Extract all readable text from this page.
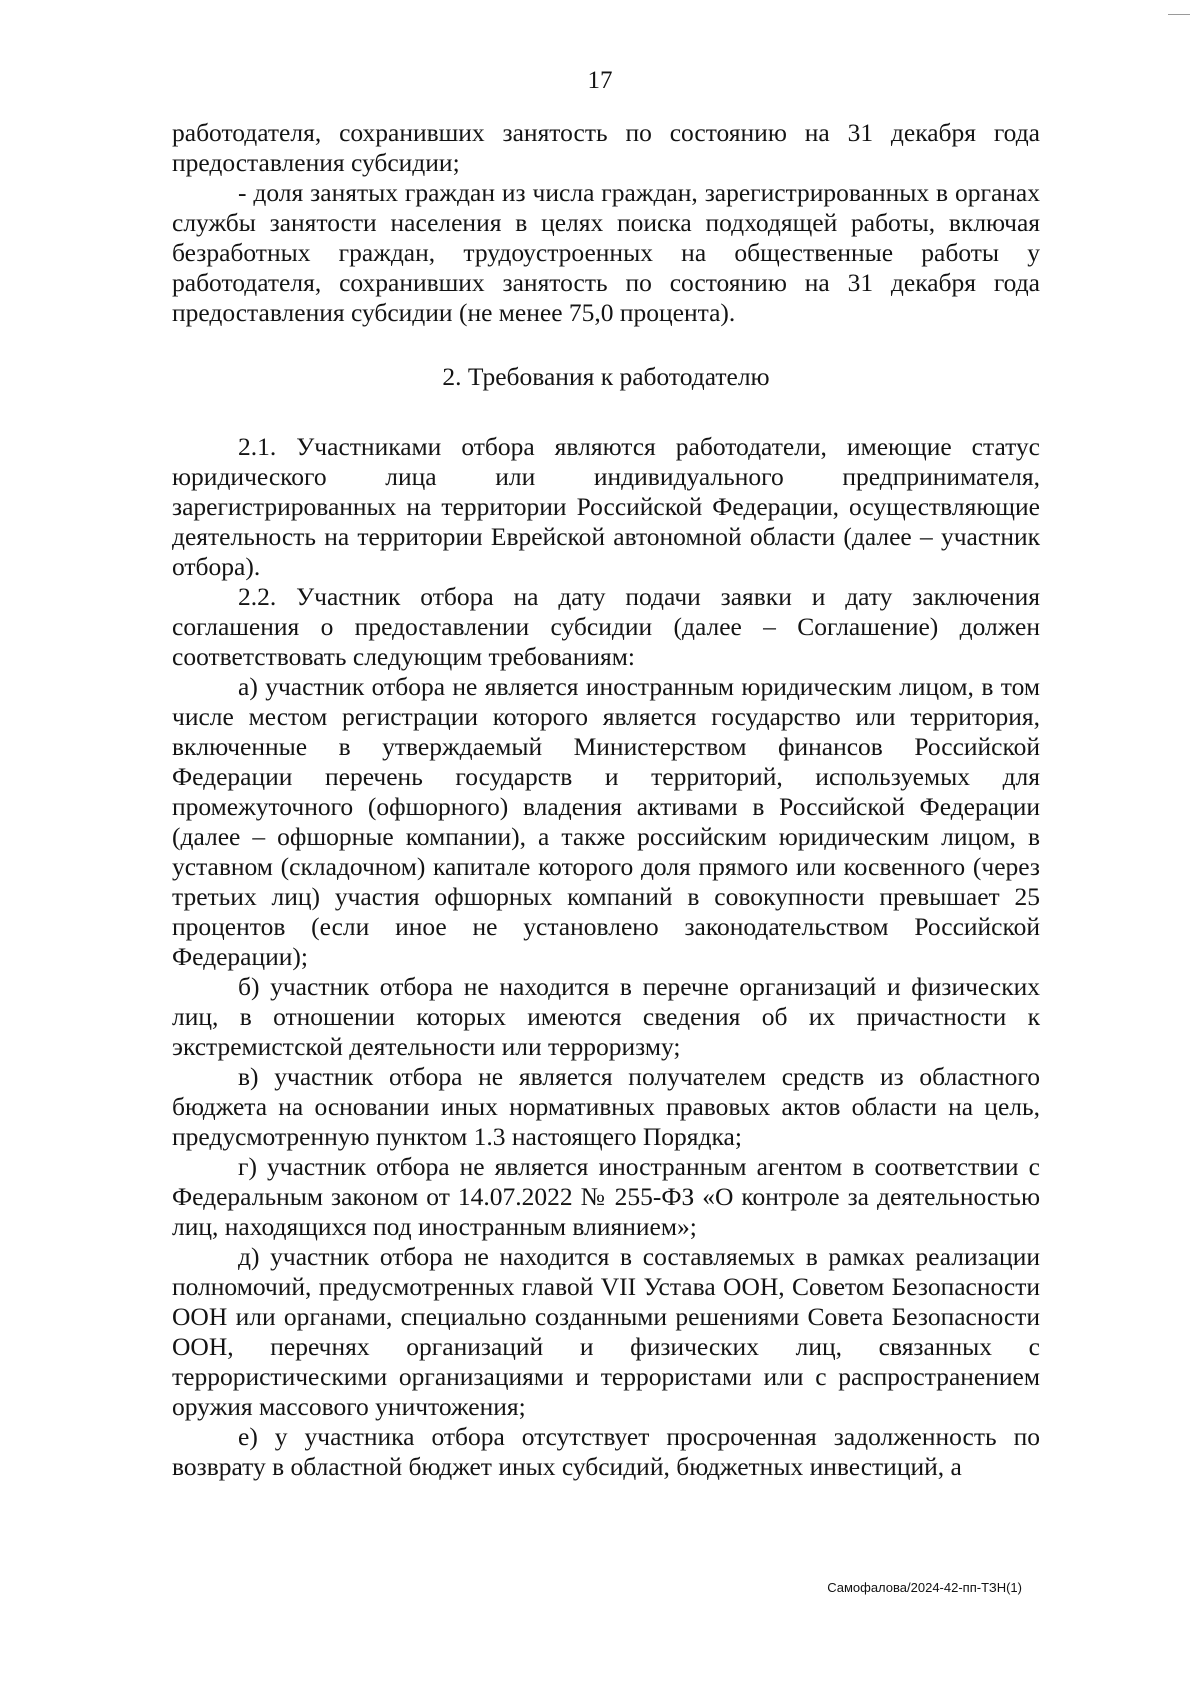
17

работодателя, сохранивших занятость по состоянию на 31 декабря года предоставления субсидии;

- доля занятых граждан из числа граждан, зарегистрированных в органах службы занятости населения в целях поиска подходящей работы, включая безработных граждан, трудоустроенных на общественные работы у работодателя, сохранивших занятость по состоянию на 31 декабря года предоставления субсидии (не менее 75,0 процента).

2. Требования к работодателю

2.1. Участниками отбора являются работодатели, имеющие статус юридического лица или индивидуального предпринимателя, зарегистрированных на территории Российской Федерации, осуществляющие деятельность на территории Еврейской автономной области (далее – участник отбора).

2.2. Участник отбора на дату подачи заявки и дату заключения соглашения о предоставлении субсидии (далее – Соглашение) должен соответствовать следующим требованиям:

а) участник отбора не является иностранным юридическим лицом, в том числе местом регистрации которого является государство или территория, включенные в утверждаемый Министерством финансов Российской Федерации перечень государств и территорий, используемых для промежуточного (офшорного) владения активами в Российской Федерации (далее – офшорные компании), а также российским юридическим лицом, в уставном (складочном) капитале которого доля прямого или косвенного (через третьих лиц) участия офшорных компаний в совокупности превышает 25 процентов (если иное не установлено законодательством Российской Федерации);

б) участник отбора не находится в перечне организаций и физических лиц, в отношении которых имеются сведения об их причастности к экстремистской деятельности или терроризму;

в) участник отбора не является получателем средств из областного бюджета на основании иных нормативных правовых актов области на цель, предусмотренную пунктом 1.3 настоящего Порядка;

г) участник отбора не является иностранным агентом в соответствии с Федеральным законом от 14.07.2022 № 255-ФЗ «О контроле за деятельностью лиц, находящихся под иностранным влиянием»;

д) участник отбора не находится в составляемых в рамках реализации полномочий, предусмотренных главой VII Устава ООН, Советом Безопасности ООН или органами, специально созданными решениями Совета Безопасности ООН, перечнях организаций и физических лиц, связанных с террористическими организациями и террористами или с распространением оружия массового уничтожения;

е) у участника отбора отсутствует просроченная задолженность по возврату в областной бюджет иных субсидий, бюджетных инвестиций, а

Самофалова/2024-42-пп-ТЗН(1)
